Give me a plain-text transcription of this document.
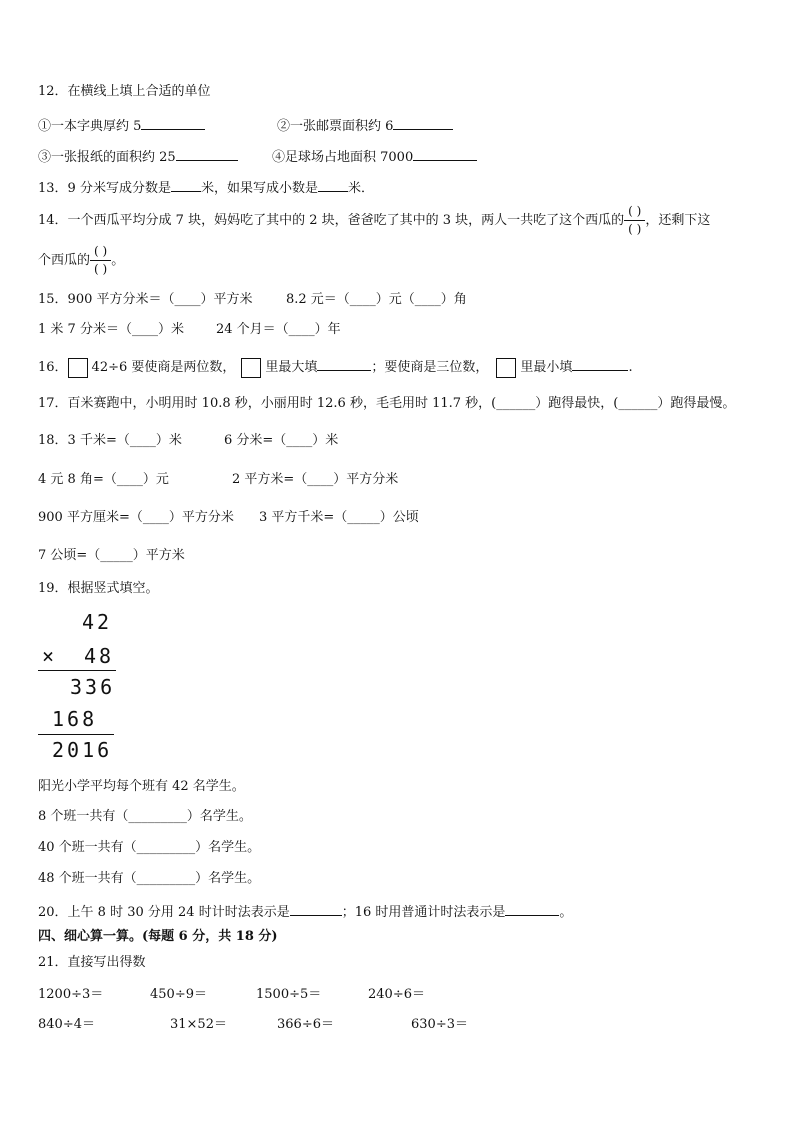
12．在横线上填上合适的单位
①一本字典厚约 5	②一张邮票面积约 6
③一张报纸的面积约 25	④足球场占地面积 7000
13．9 分米写成分数是 米，如果写成小数是 米．
14．一个西瓜平均分成 7 块，妈妈吃了其中的 2 块，爸爸吃了其中的 3 块，两人一共吃了这个西瓜的 $\frac{( )}{( )}$ ，还剩下这
个西瓜的 $\frac{( )}{( )}$ 。
15．900 平方分米＝（____）平方米	8.2 元＝（____）元（____）角
1 米 7 分米＝（____）米 24 个月＝（____）年
16． 42÷6 要使商是两位数， 里最大填	；要使商是三位数， 里最小填	.
17．百米赛跑中，小明用时 10.8 秒，小丽用时 12.6 秒，毛毛用时 11.7 秒，(______）跑得最快，(______）跑得最慢。
18．3 千米=（____）米	6 分米=（____）米
4 元 8 角=（____）元	2 平方米=（____）平方分米
900 平方厘米=（____）平方分米 3 平方千米=（_____）公顷
7 公顷=（_____）平方米
19．根据竖式填空。
42
× 48
336
168
2016
阳光小学平均每个班有 42 名学生。
8 个班一共有（_________）名学生。
40 个班一共有（_________）名学生。
48 个班一共有（_________）名学生。
20．上午 8 时 30 分用 24 时计时法表示是	；16 时用普通计时法表示是	。
四、细心算一算。(每题 6 分，共 18 分)
21．直接写出得数
1200÷3＝	450÷9＝	1500÷5＝	240÷6＝
840÷4＝	31×52＝	366÷6＝	630÷3＝
